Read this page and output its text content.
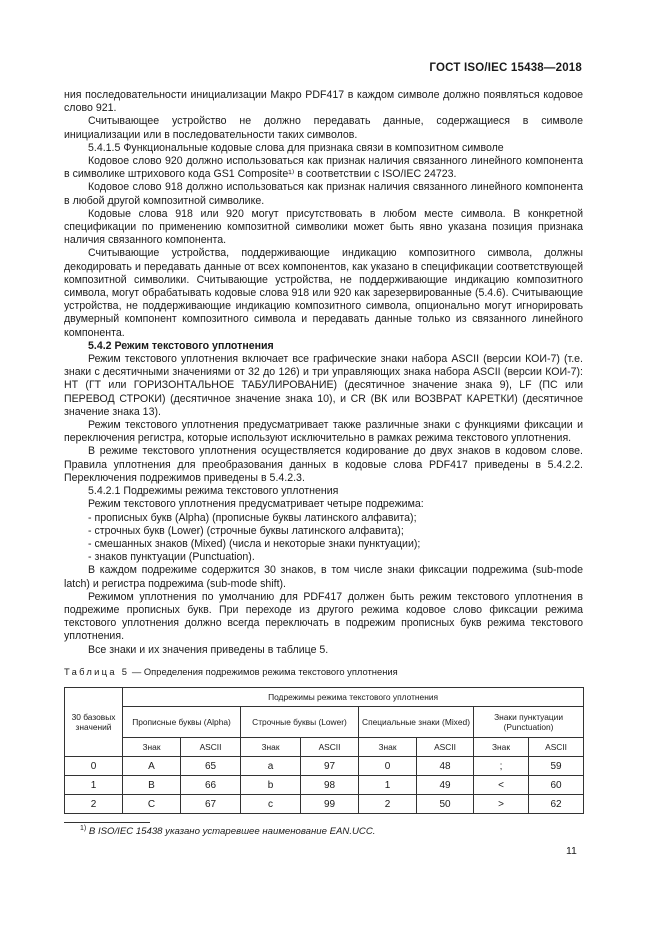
ГОСТ ISO/IEC 15438—2018

ния последовательности инициализации Макро PDF417 в каждом символе должно появляться кодовое слово 921.

Считывающее устройство не должно передавать данные, содержащиеся в символе инициализации или в последовательности таких символов.

5.4.1.5 Функциональные кодовые слова для признака связи в композитном символе

Кодовое слово 920 должно использоваться как признак наличия связанного линейного компонента в символике штрихового кода GS1 Composite¹⁾ в соответствии с ISO/IEC 24723.

Кодовое слово 918 должно использоваться как признак наличия связанного линейного компонента в любой другой композитной символике.

Кодовые слова 918 или 920 могут присутствовать в любом месте символа. В конкретной спецификации по применению композитной символики может быть явно указана позиция признака наличия связанного компонента.

Считывающие устройства, поддерживающие индикацию композитного символа, должны декодировать и передавать данные от всех компонентов, как указано в спецификации соответствующей композитной символики. Считывающие устройства, не поддерживающие индикацию композитного символа, могут обрабатывать кодовые слова 918 или 920 как зарезервированные (5.4.6). Считывающие устройства, не поддерживающие индикацию композитного символа, опционально могут игнорировать двумерный компонент композитного символа и передавать данные только из связанного линейного компонента.

5.4.2 Режим текстового уплотнения

Режим текстового уплотнения включает все графические знаки набора ASCII (версии КОИ-7) (т.е. знаки с десятичными значениями от 32 до 126) и три управляющих знака набора ASCII (версии КОИ-7): НТ (ГТ или ГОРИЗОНТАЛЬНОЕ ТАБУЛИРОВАНИЕ) (десятичное значение знака 9), LF (ПС или ПЕРЕВОД СТРОКИ) (десятичное значение знака 10), и CR (ВК или ВОЗВРАТ КАРЕТКИ) (десятичное значение знака 13).

Режим текстового уплотнения предусматривает также различные знаки с функциями фиксации и переключения регистра, которые используют исключительно в рамках режима текстового уплотнения.

В режиме текстового уплотнения осуществляется кодирование до двух знаков в кодовом слове. Правила уплотнения для преобразования данных в кодовые слова PDF417 приведены в 5.4.2.2. Переключения подрежимов приведены в 5.4.2.3.

5.4.2.1 Подрежимы режима текстового уплотнения

Режим текстового уплотнения предусматривает четыре подрежима:

- прописных букв (Alpha) (прописные буквы латинского алфавита);

- строчных букв (Lower) (строчные буквы латинского алфавита);

- смешанных знаков (Mixed) (числа и некоторые знаки пунктуации);

- знаков пунктуации (Punctuation).

В каждом подрежиме содержится 30 знаков, в том числе знаки фиксации подрежима (sub-mode latch) и регистра подрежима (sub-mode shift).

Режимом уплотнения по умолчанию для PDF417 должен быть режим текстового уплотнения в подрежиме прописных букв. При переходе из другого режима кодовое слово фиксации режима текстового уплотнения должно всегда переключать в подрежим прописных букв режима текстового уплотнения.

Все знаки и их значения приведены в таблице 5.

Таблица 5 — Определения подрежимов режима текстового уплотнения
30 базовых значений	Подрежимы режима текстового уплотнения							
	Прописные буквы (Alpha)		Строчные буквы (Lower)		Специальные знаки (Mixed)		Знаки пунктуации (Punctuation)	
	Знак	ASCII	Знак	ASCII	Знак	ASCII	Знак	ASCII
0	A	65	a	97	0	48	;	59
1	B	66	b	98	1	49	<	60
2	C	67	c	99	2	50	>	62
$^{1)}$ В ISO/IEC 15438 указано устаревшее наименование EAN.UCC.
11
